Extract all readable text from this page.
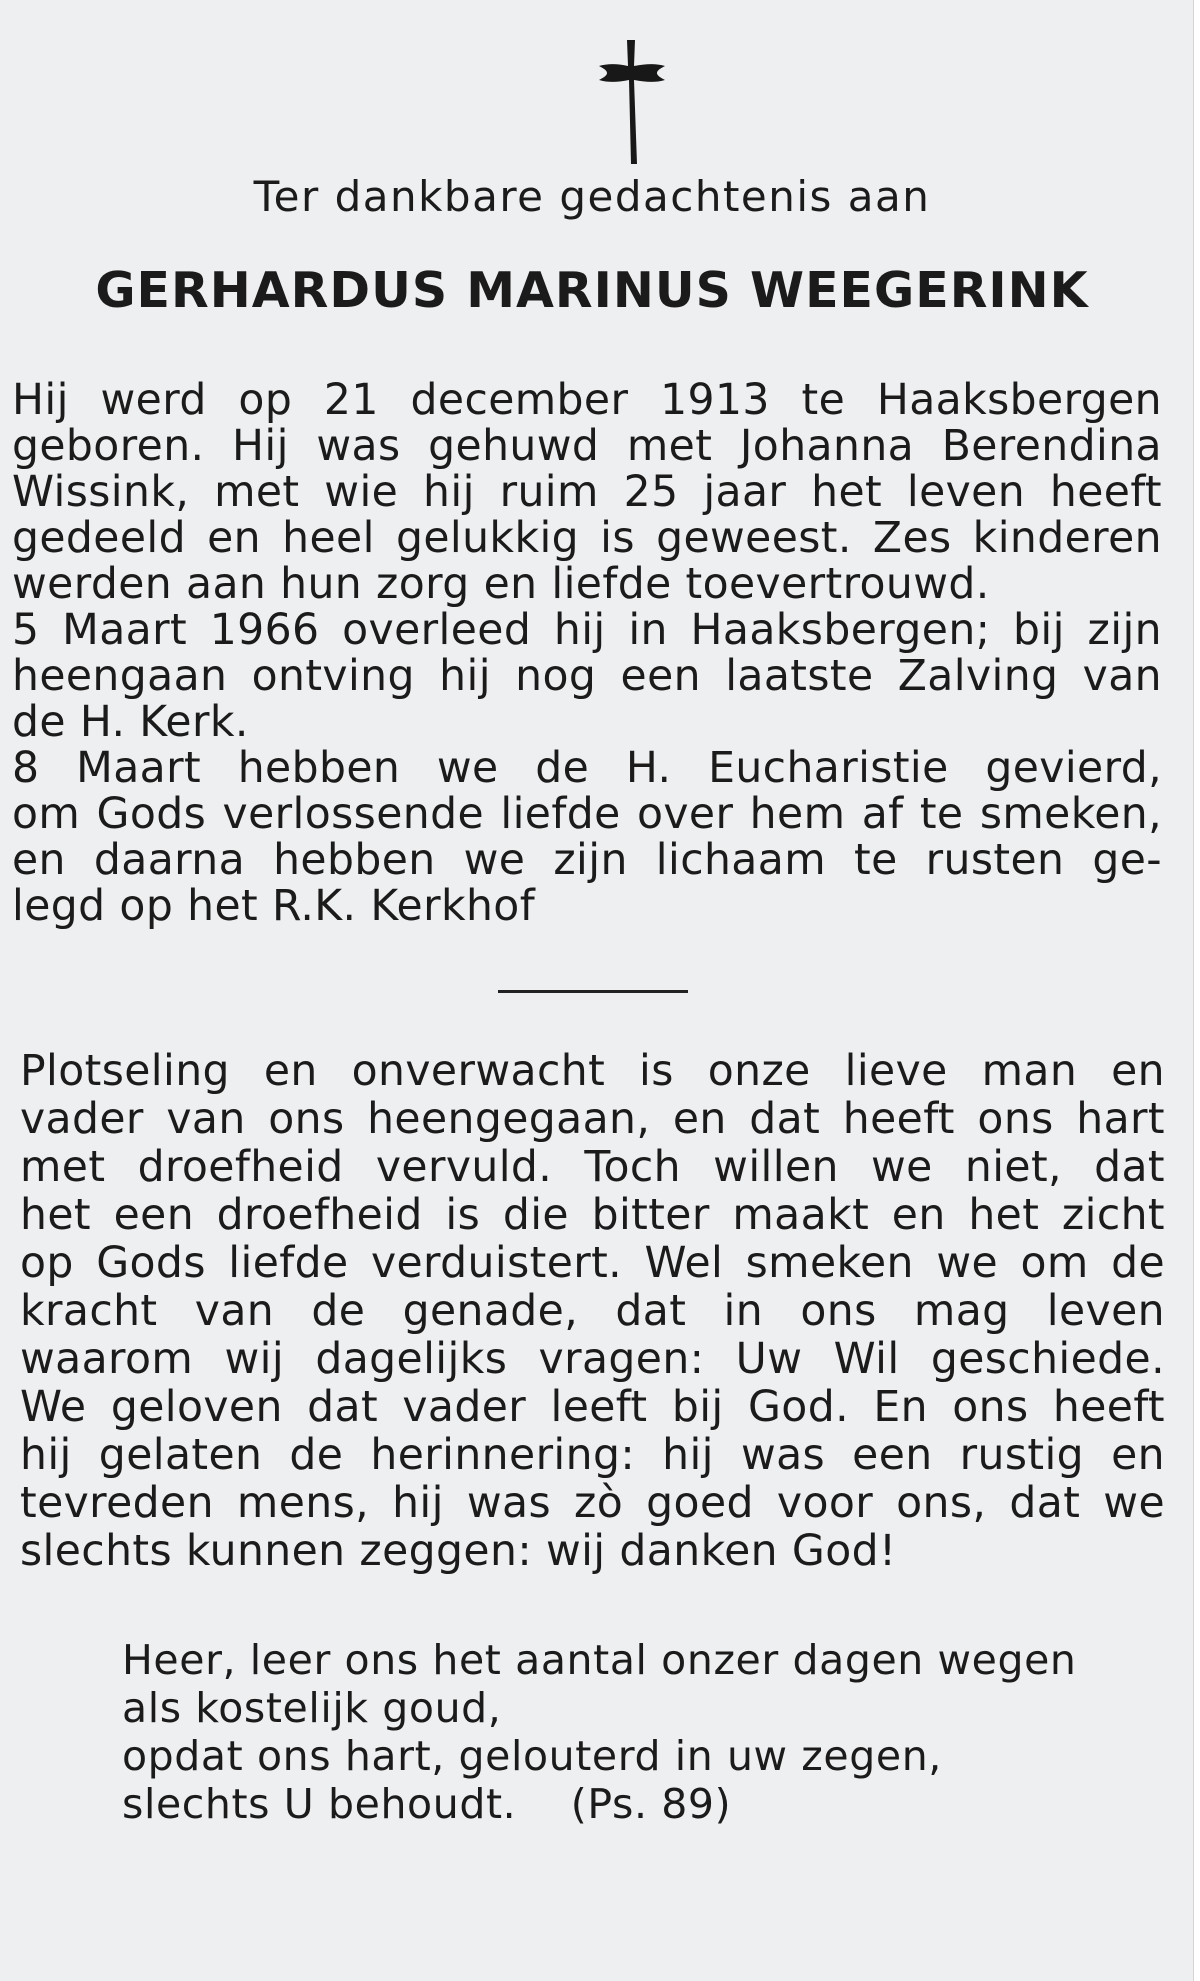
Ter dankbare gedachtenis aan

GERHARDUS MARINUS WEEGERINK

Hij werd op 21 december 1913 te Haaksbergen
geboren. Hij was gehuwd met Johanna Berendina
Wissink, met wie hij ruim 25 jaar het leven heeft
gedeeld en heel gelukkig is geweest. Zes kinderen
werden aan hun zorg en liefde toevertrouwd.
5 Maart 1966 overleed hij in Haaksbergen; bij zijn
heengaan ontving hij nog een laatste Zalving van
de H. Kerk.
8 Maart hebben we de H. Eucharistie gevierd,
om Gods verlossende liefde over hem af te smeken,
en daarna hebben we zijn lichaam te rusten ge-
legd op het R.K. Kerkhof
Plotseling en onverwacht is onze lieve man en
vader van ons heengegaan, en dat heeft ons hart
met droefheid vervuld. Toch willen we niet, dat
het een droefheid is die bitter maakt en het zicht
op Gods liefde verduistert. Wel smeken we om de
kracht van de genade, dat in ons mag leven
waarom wij dagelijks vragen: Uw Wil geschiede.
We geloven dat vader leeft bij God. En ons heeft
hij gelaten de herinnering: hij was een rustig en
tevreden mens, hij was zò goed voor ons, dat we
slechts kunnen zeggen: wij danken God!
Heer, leer ons het aantal onzer dagen wegen
als kostelijk goud,
opdat ons hart, gelouterd in uw zegen,
slechts U behoudt.    (Ps. 89)
